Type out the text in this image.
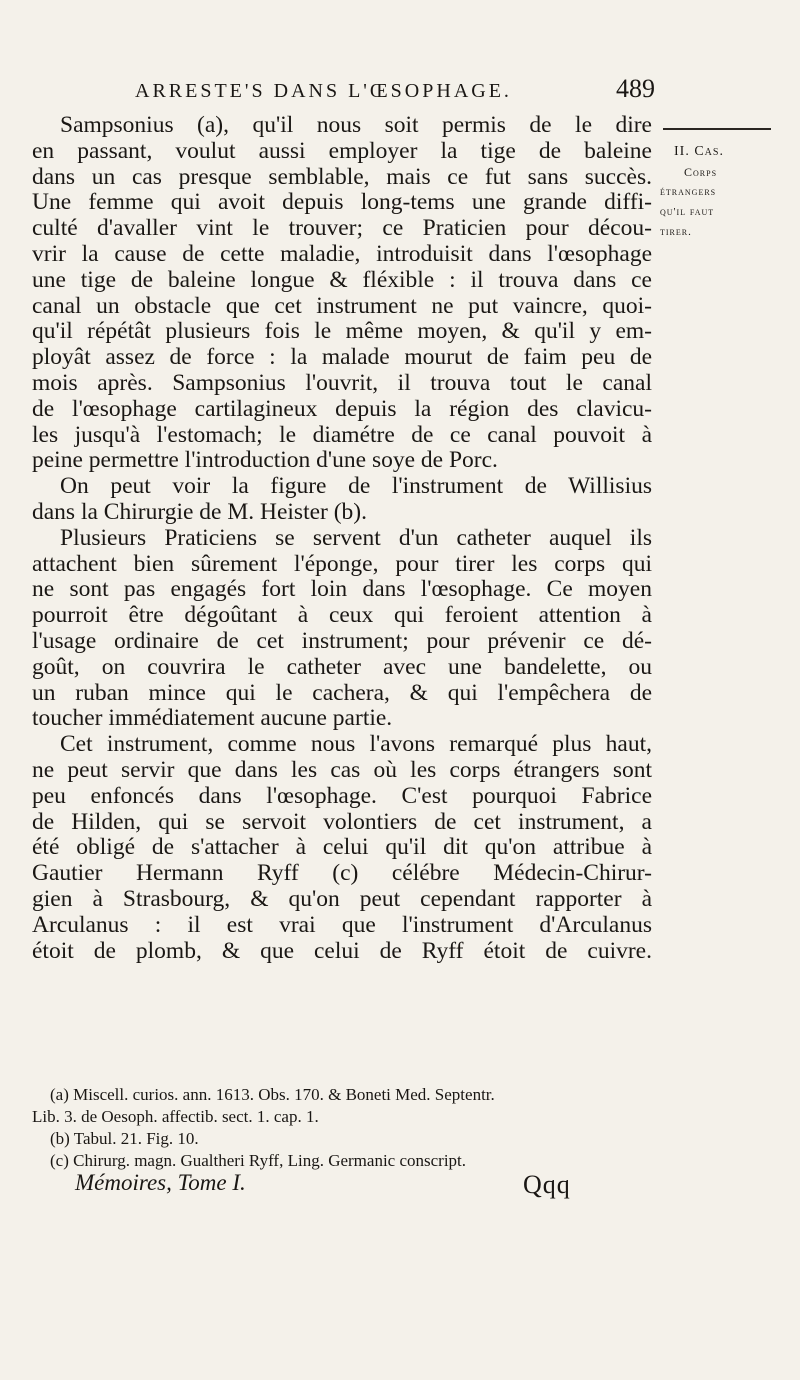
ARRESTE'S DANS L'ŒSOPHAGE.	489
II. Cas.
Corps
étrangers
qu'il faut
tirer.

Sampsonius (a), qu'il nous soit permis de le dire

en passant, voulut aussi employer la tige de baleine

dans un cas presque semblable, mais ce fut sans succès.

Une femme qui avoit depuis long-tems une grande diffi-

culté d'avaller vint le trouver; ce Praticien pour décou-

vrir la cause de cette maladie, introduisit dans l'œsophage

une tige de baleine longue & fléxible : il trouva dans ce

canal un obstacle que cet instrument ne put vaincre, quoi-

qu'il répétât plusieurs fois le même moyen, & qu'il y em-

ployât assez de force : la malade mourut de faim peu de

mois après. Sampsonius l'ouvrit, il trouva tout le canal

de l'œsophage cartilagineux depuis la région des clavicu-

les jusqu'à l'estomach; le diamétre de ce canal pouvoit à

peine permettre l'introduction d'une soye de Porc.

On peut voir la figure de l'instrument de Willisius

dans la Chirurgie de M. Heister (b).

Plusieurs Praticiens se servent d'un catheter auquel ils

attachent bien sûrement l'éponge, pour tirer les corps qui

ne sont pas engagés fort loin dans l'œsophage. Ce moyen

pourroit être dégoûtant à ceux qui feroient attention à

l'usage ordinaire de cet instrument; pour prévenir ce dé-

goût, on couvrira le catheter avec une bandelette, ou

un ruban mince qui le cachera, & qui l'empêchera de

toucher immédiatement aucune partie.

Cet instrument, comme nous l'avons remarqué plus haut,

ne peut servir que dans les cas où les corps étrangers sont

peu enfoncés dans l'œsophage. C'est pourquoi Fabrice

de Hilden, qui se servoit volontiers de cet instrument, a

été obligé de s'attacher à celui qu'il dit qu'on attribue à

Gautier Hermann Ryff (c) célébre Médecin-Chirur-

gien à Strasbourg, & qu'on peut cependant rapporter à

Arculanus : il est vrai que l'instrument d'Arculanus

étoit de plomb, & que celui de Ryff étoit de cuivre.

(a) Miscell. curios. ann. 1613. Obs. 170. & Boneti Med. Septentr.

Lib. 3. de Oesoph. affectib. sect. 1. cap. 1.

(b) Tabul. 21. Fig. 10.

(c) Chirurg. magn. Gualtheri Ryff, Ling. Germanic conscript.

Mémoires, Tome I.	Qqq
